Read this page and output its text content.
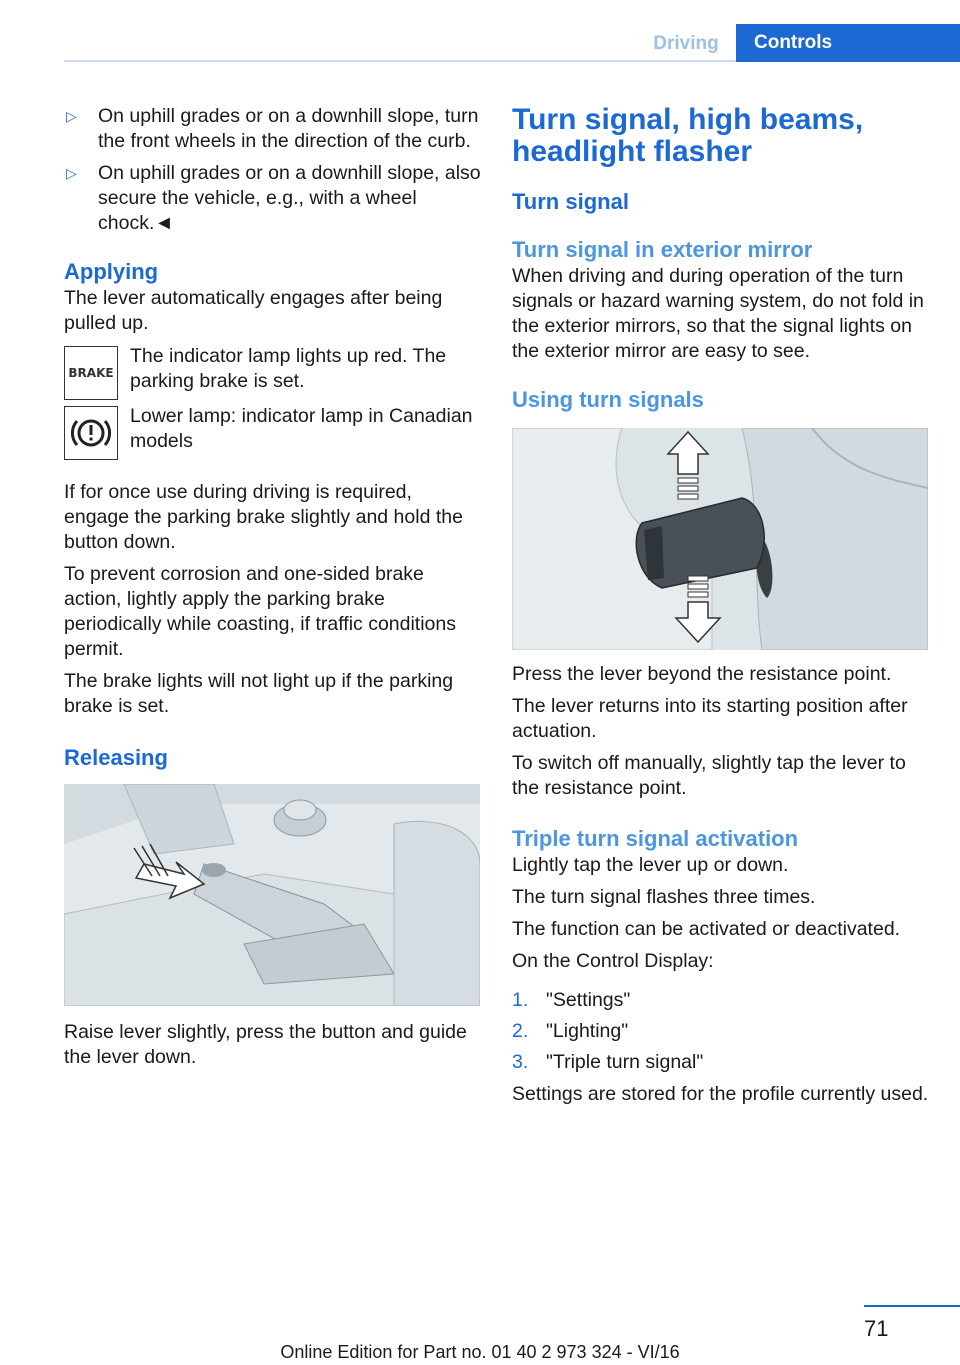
Driving	Controls
▷ On uphill grades or on a downhill slope, turn the front wheels in the direction of the curb.
▷ On uphill grades or on a downhill slope, also secure the vehicle, e.g., with a wheel chock.◄
Applying

The lever automatically engages after being pulled up.

BRAKE

The indicator lamp lights up red. The parking brake is set.

Lower lamp: indicator lamp in Canadian models

If for once use during driving is required, engage the parking brake slightly and hold the button down.

To prevent corrosion and one-sided brake action, lightly apply the parking brake periodically while coasting, if traffic conditions permit.

The brake lights will not light up if the parking brake is set.

Releasing

Raise lever slightly, press the button and guide the lever down.

Turn signal, high beams, headlight flasher
Turn signal
Turn signal in exterior mirror

When driving and during operation of the turn signals or hazard warning system, do not fold in the exterior mirrors, so that the signal lights on the exterior mirror are easy to see.

Using turn signals

Press the lever beyond the resistance point.

The lever returns into its starting position after actuation.

To switch off manually, slightly tap the lever to the resistance point.

Triple turn signal activation

Lightly tap the lever up or down.

The turn signal flashes three times.

The function can be activated or deactivated.

On the Control Display:

1. "Settings"
2. "Lighting"
3. "Triple turn signal"

Settings are stored for the profile currently used.

71
Online Edition for Part no. 01 40 2 973 324 - VI/16
